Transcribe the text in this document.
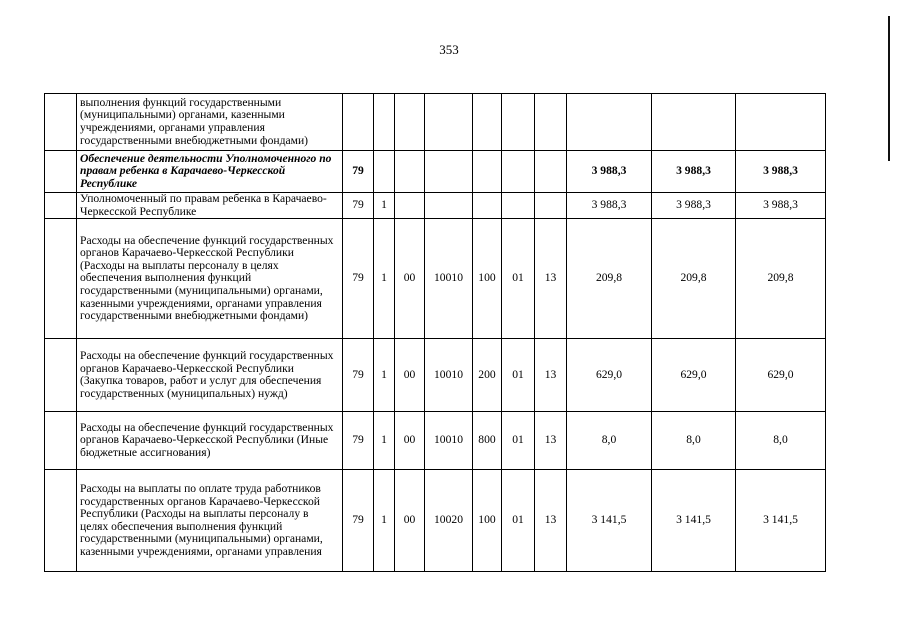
353
	выполнения функций государственными (муниципальными) органами, казенными учреждениями, органами управления государственными внебюджетными фондами)										
	Обеспечение деятельности Уполномоченного по правам ребенка в Карачаево-Черкесской Республике	79							3 988,3	3 988,3	3 988,3
	Уполномоченный по правам ребенка в Карачаево-Черкесской Республике	79	1						3 988,3	3 988,3	3 988,3
	Расходы на обеспечение функций государственных органов Карачаево-Черкесской Республики (Расходы на выплаты персоналу в целях обеспечения выполнения функций государственными (муниципальными) органами, казенными учреждениями, органами управления государственными внебюджетными фондами)	79	1	00	10010	100	01	13	209,8	209,8	209,8
	Расходы на обеспечение функций государственных органов Карачаево-Черкесской Республики (Закупка товаров, работ и услуг для обеспечения государственных (муниципальных) нужд)	79	1	00	10010	200	01	13	629,0	629,0	629,0
	Расходы на обеспечение функций государственных органов Карачаево-Черкесской Республики (Иные бюджетные ассигнования)	79	1	00	10010	800	01	13	8,0	8,0	8,0
	Расходы на выплаты по оплате труда работников государственных органов Карачаево-Черкесской Республики (Расходы на выплаты персоналу в целях обеспечения выполнения функций государственными (муниципальными) органами, казенными учреждениями, органами управления	79	1	00	10020	100	01	13	3 141,5	3 141,5	3 141,5
